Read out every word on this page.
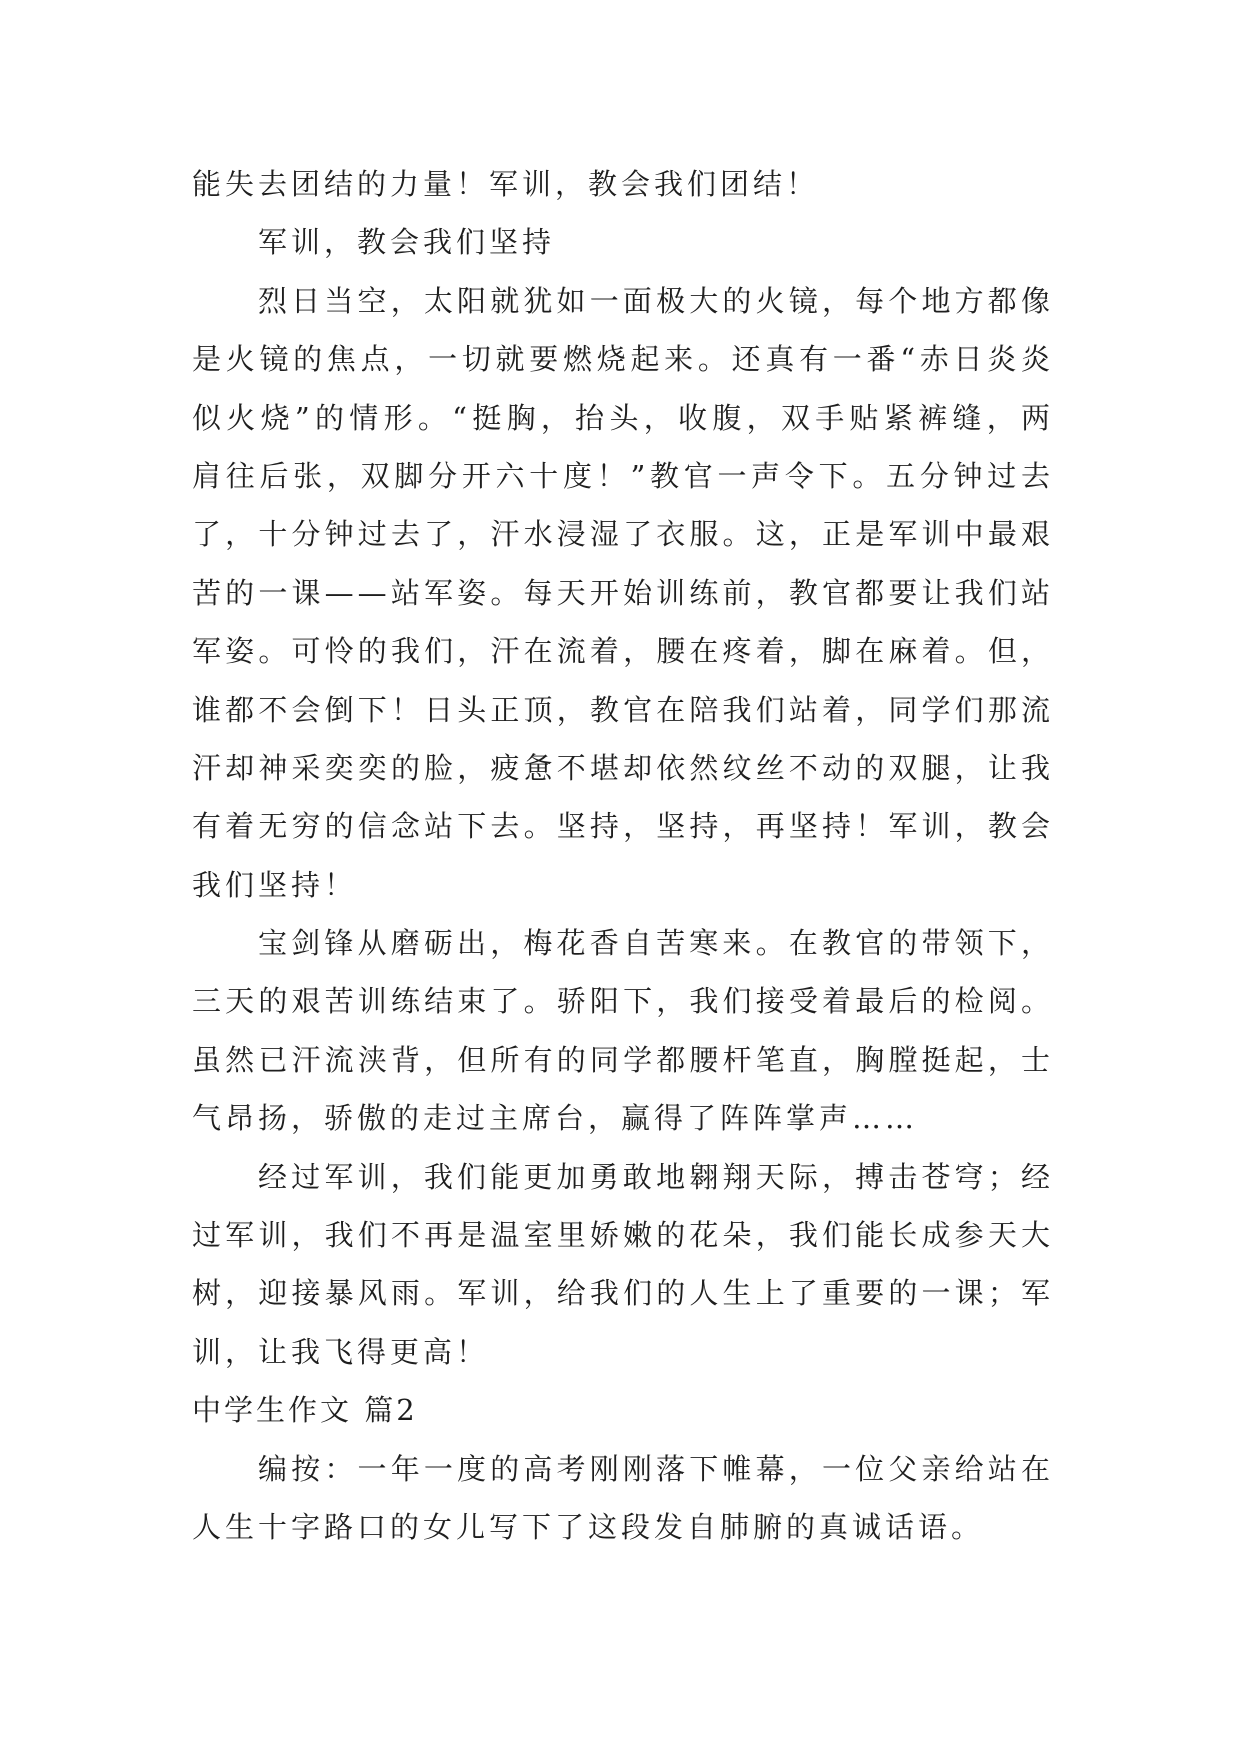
能失去团结的力量！军训，教会我们团结！
军训，教会我们坚持
烈日当空，太阳就犹如一面极大的火镜，每个地方都像
是火镜的焦点，一切就要燃烧起来。还真有一番“赤日炎炎
似火烧”的情形。“挺胸，抬头，收腹，双手贴紧裤缝，两
肩往后张，双脚分开六十度！”教官一声令下。五分钟过去
了，十分钟过去了，汗水浸湿了衣服。这，正是军训中最艰
苦的一课——站军姿。每天开始训练前，教官都要让我们站
军姿。可怜的我们，汗在流着，腰在疼着，脚在麻着。但，
谁都不会倒下！日头正顶，教官在陪我们站着，同学们那流
汗却神采奕奕的脸，疲惫不堪却依然纹丝不动的双腿，让我
有着无穷的信念站下去。坚持，坚持，再坚持！军训，教会
我们坚持！
宝剑锋从磨砺出，梅花香自苦寒来。在教官的带领下，
三天的艰苦训练结束了。骄阳下，我们接受着最后的检阅。
虽然已汗流浃背，但所有的同学都腰杆笔直，胸膛挺起，士
气昂扬，骄傲的走过主席台，赢得了阵阵掌声……
经过军训，我们能更加勇敢地翱翔天际，搏击苍穹；经
过军训，我们不再是温室里娇嫩的花朵，我们能长成参天大
树，迎接暴风雨。军训，给我们的人生上了重要的一课；军
训，让我飞得更高！
中学生作文 篇2
编按：一年一度的高考刚刚落下帷幕，一位父亲给站在
人生十字路口的女儿写下了这段发自肺腑的真诚话语。
